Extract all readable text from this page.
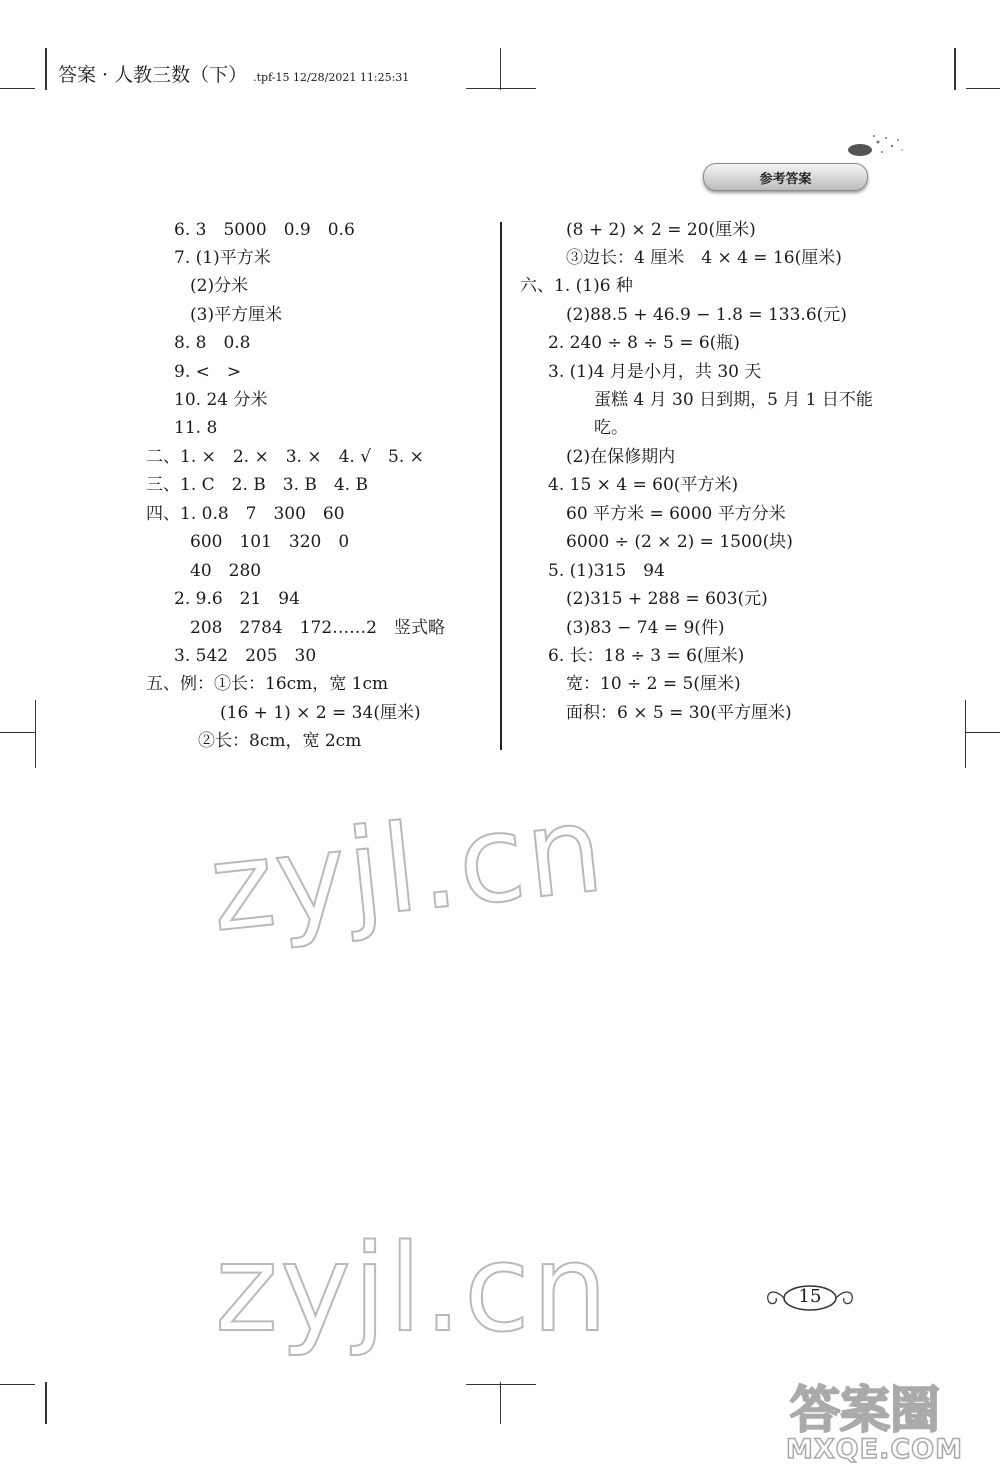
答案 · 人教三数（下） .tpf-15 12/28/2021 11:25:31
参考答案
6. 3　5000　0.9　0.6
7. (1)平方米
(2)分米
(3)平方厘米
8. 8　0.8
9. <　>
10. 24 分米
11. 8
二、1. ×　2. ×　3. ×　4. √　5. ×
三、1. C　2. B　3. B　4. B
四、1. 0.8　7　300　60
600　101　320　0
40　280
2. 9.6　21　94
208　2784　172……2　竖式略
3. 542　205　30
五、例：①长：16cm，宽 1cm
(16 + 1) × 2 = 34(厘米)
②长：8cm，宽 2cm
(8 + 2) × 2 = 20(厘米)
③边长：4 厘米　4 × 4 = 16(厘米)
六、1. (1)6 种
(2)88.5 + 46.9 − 1.8 = 133.6(元)
2. 240 ÷ 8 ÷ 5 = 6(瓶)
3. (1)4 月是小月，共 30 天
蛋糕 4 月 30 日到期，5 月 1 日不能
吃。
(2)在保修期内
4. 15 × 4 = 60(平方米)
60 平方米 = 6000 平方分米
6000 ÷ (2 × 2) = 1500(块)
5. (1)315　94
(2)315 + 288 = 603(元)
(3)83 − 74 = 9(件)
6. 长：18 ÷ 3 = 6(厘米)
宽：10 ÷ 2 = 5(厘米)
面积：6 × 5 = 30(平方厘米)
zyjl.cn
zyjl.cn	15
答案圈
MXQE.COM
